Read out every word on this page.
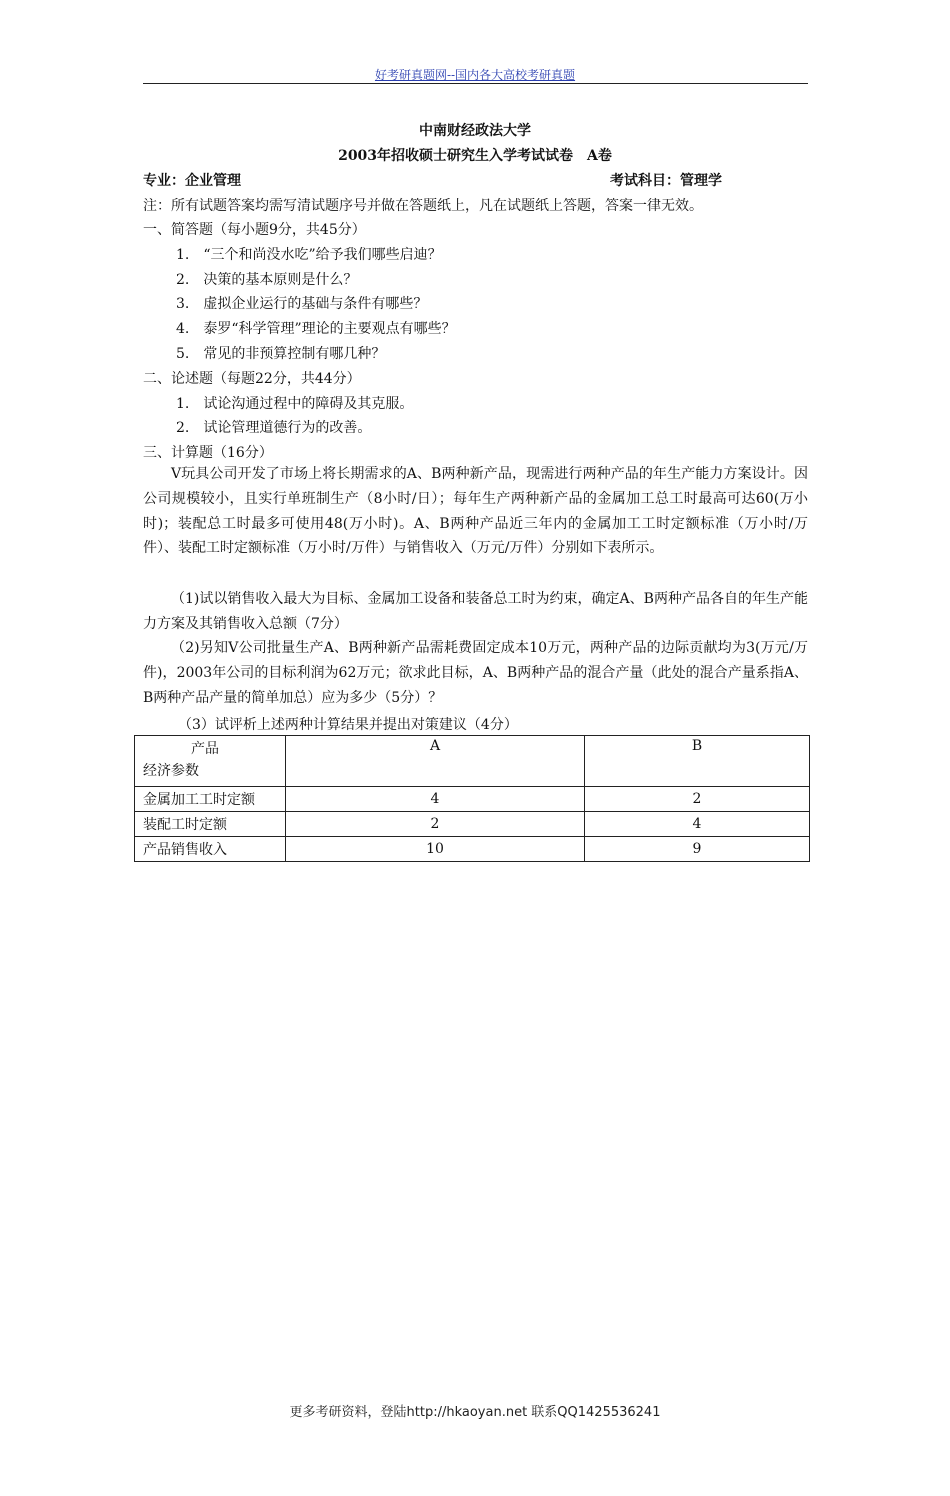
好考研真题网--国内各大高校考研真题
中南财经政法大学
2003年招收硕士研究生入学考试试卷　A卷
专业：企业管理	考试科目：管理学
注：所有试题答案均需写清试题序号并做在答题纸上，凡在试题纸上答题，答案一律无效。
一、简答题（每小题9分，共45分）
1.　“三个和尚没水吃”给予我们哪些启迪？
2.　决策的基本原则是什么？
3.　虚拟企业运行的基础与条件有哪些？
4.　泰罗“科学管理”理论的主要观点有哪些？
5.　常见的非预算控制有哪几种？
二、论述题（每题22分，共44分）
1.　试论沟通过程中的障碍及其克服。
2.　试论管理道德行为的改善。
三、计算题（16分）
V玩具公司开发了市场上将长期需求的A、B两种新产品，现需进行两种产品的年生产能力方案设计。因公司规模较小，且实行单班制生产（8小时/日）；每年生产两种新产品的金属加工总工时最高可达60(万小时)；装配总工时最多可使用48(万小时)。A、B两种产品近三年内的金属加工工时定额标准（万小时/万件）、装配工时定额标准（万小时/万件）与销售收入（万元/万件）分别如下表所示。
（1)试以销售收入最大为目标、金属加工设备和装备总工时为约束，确定A、B两种产品各自的年生产能力方案及其销售收入总额（7分）
（2)另知V公司批量生产A、B两种新产品需耗费固定成本10万元，两种产品的边际贡献均为3(万元/万件)，2003年公司的目标利润为62万元；欲求此目标，A、B两种产品的混合产量（此处的混合产量系指A、B两种产品产量的简单加总）应为多少（5分）？
（3）试评析上述两种计算结果并提出对策建议（4分）
产品
经济参数	A	B
金属加工工时定额	4	2
装配工时定额	2	4
产品销售收入	10	9
更多考研资料，登陆http://hkaoyan.net 联系QQ1425536241
